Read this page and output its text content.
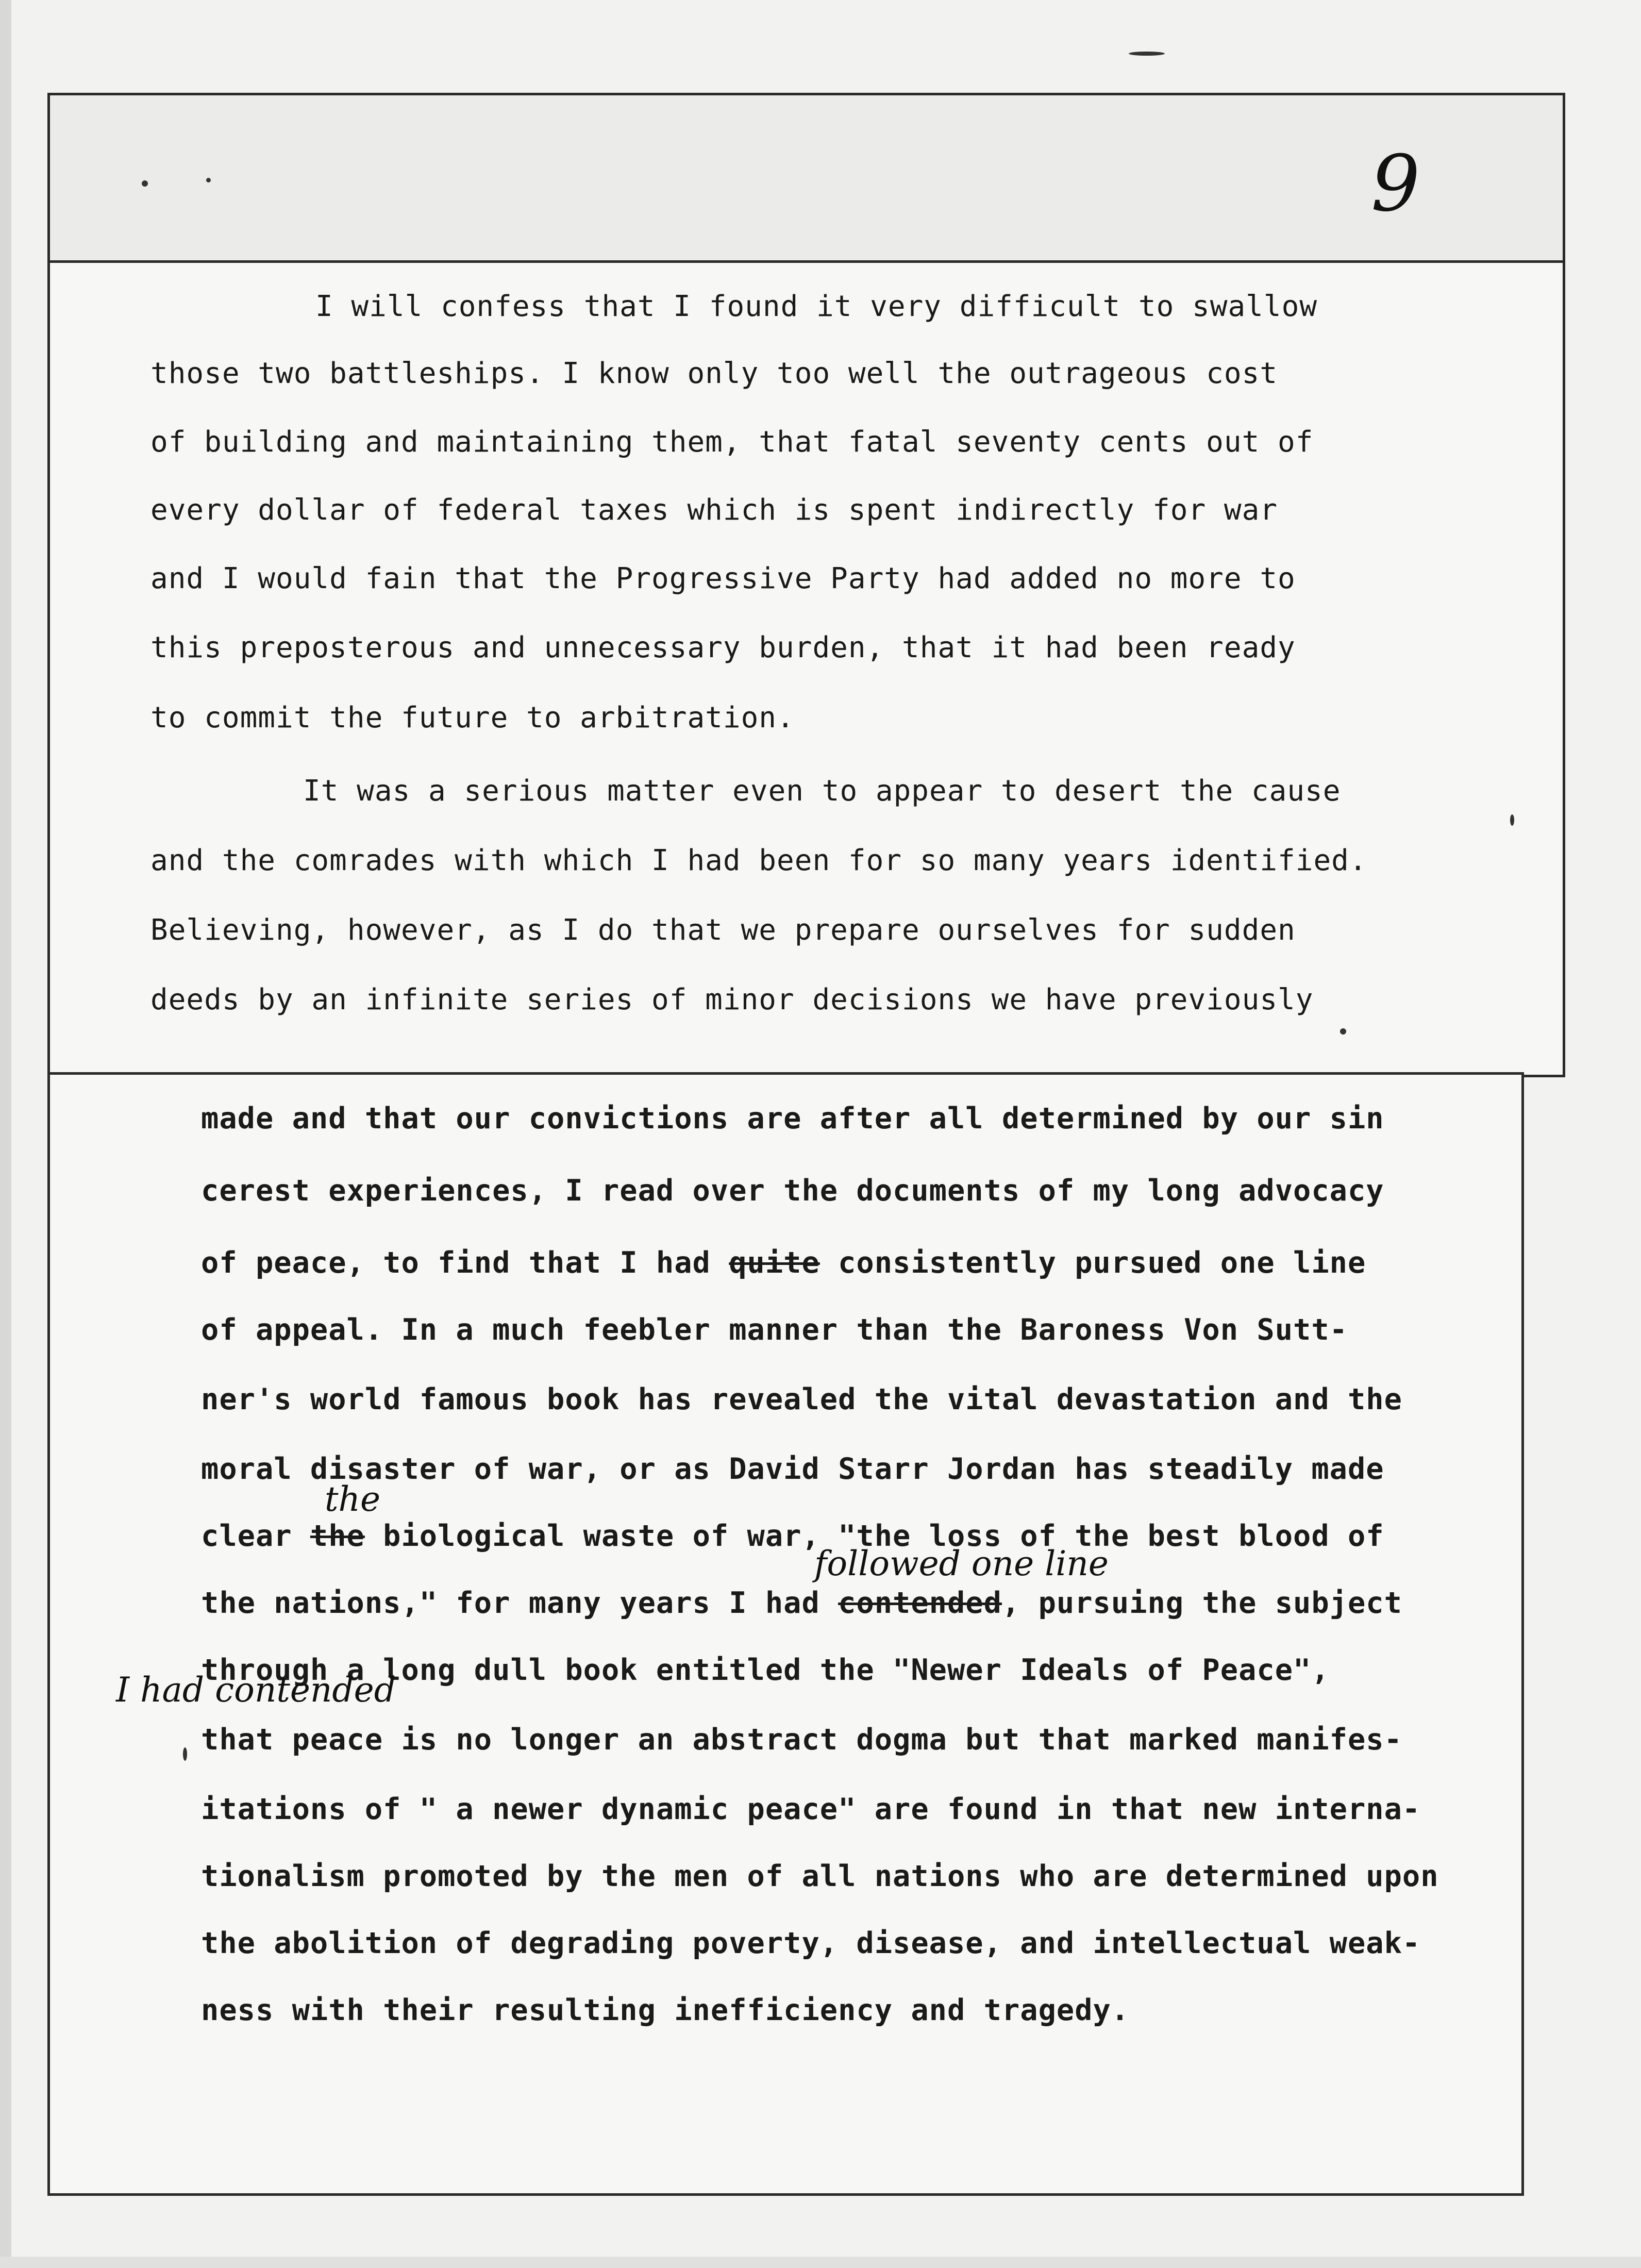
9
I will confess that I found it very difficult to swallow
those two battleships. I know only too well the outrageous cost
of building and maintaining them, that fatal seventy cents out of
every dollar of federal taxes which is spent indirectly for war
and I would fain that the Progressive Party had added no more to
this preposterous and unnecessary burden, that it had been ready
to commit the future to arbitration.
It was a serious matter even to appear to desert the cause
and the comrades with which I had been for so many years identified.
Believing, however, as I do that we prepare ourselves for sudden
deeds by an infinite series of minor decisions we have previously
made and that our convictions are after all determined by our sin
cerest experiences, I read over the documents of my long advocacy
of peace, to find that I had quite consistently pursued one line
of appeal. In a much feebler manner than the Baroness Von Sutt-
ner's world famous book has revealed the vital devastation and the
moral disaster of war, or as David Starr Jordan has steadily made
clear the biological waste of war, "the loss of the best blood of
the nations," for many years I had contended, pursuing the subject
through a long dull book entitled the "Newer Ideals of Peace",
that peace is no longer an abstract dogma but that marked manifes-
itations of " a newer dynamic peace" are found in that new interna-
tionalism promoted by the men of all nations who are determined upon
the abolition of degrading poverty, disease, and intellectual weak-
ness with their resulting inefficiency and tragedy.
the
followed one line
I had contended
